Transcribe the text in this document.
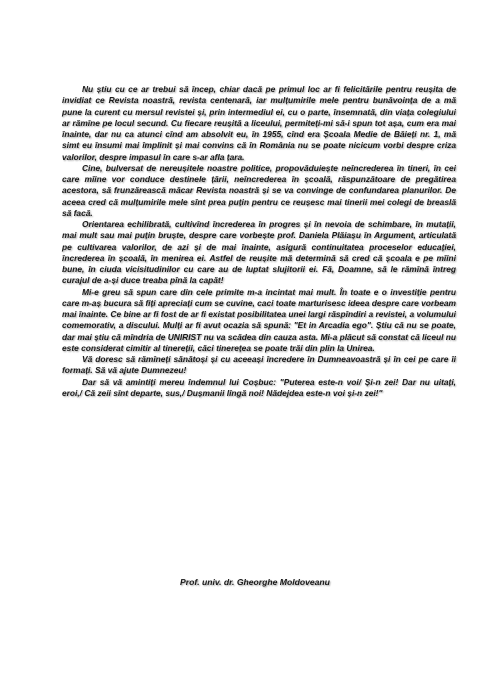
Nu știu cu ce ar trebui să încep, chiar dacă pe primul loc ar fi felicitările pentru reușita de invidiat ce Revista noastră, revista centenară, iar mulțumirile mele pentru bunăvoința de a mă pune la curent cu mersul revistei și, prin intermediul ei, cu o parte, însemnată, din viața colegiului ar rămîne pe locul secund. Cu fiecare reușită a liceului, permiteți-mi să-i spun tot așa, cum era mai înainte, dar nu ca atunci cînd am absolvit eu, în 1955, cînd era Școala Medie de Băieți nr. 1, mă simt eu însumi mai împlinit și mai convins că în România nu se poate nicicum vorbi despre criza valorilor, despre impasul în care s-ar afla țara.

Cine, bulversat de nereușitele noastre politice, propovăduiește neîncrederea în tineri, în cei care mîine vor conduce destinele țării, neîncrederea în școală, răspunzătoare de pregătirea acestora, să frunzărească măcar Revista noastră și se va convinge de confundarea planurilor. De aceea cred că mulțumirile mele sînt prea puțin pentru ce reușesc mai tinerii mei colegi de breaslă să facă.

Orientarea echilibrată, cultivînd încrederea în progres și în nevoia de schimbare, în mutații, mai mult sau mai puțin bruște, despre care vorbește prof. Daniela Plăiașu în Argument, articulată pe cultivarea valorilor, de azi și de mai înainte, asigură continuitatea proceselor educației, încrederea în școală, în menirea ei. Astfel de reușite mă determină să cred că școala e pe mîini bune, în ciuda vicisitudinilor cu care au de luptat slujitorii ei. Fă, Doamne, să le rămînă întreg curajul de a-și duce treaba pînă la capăt!

Mi-e greu să spun care din cele primite m-a incintat mai mult. În toate e o investiție pentru care m-aș bucura să fiți apreciați cum se cuvine, caci toate marturisesc ideea despre care vorbeam mai înainte. Ce bine ar fi fost de ar fi existat posibilitatea unei largi răspîndiri a revistei, a volumului comemorativ, a disculuі. Mulți ar fi avut ocazia să spună: "Et in Arcadia ego". Știu că nu se poate, dar mai știu că mîndria de UNIRIST nu va scădea din cauza asta. Mi-a plăcut să constat că liceul nu este considerat cimitir al tinereții, căci tinerețea se poate trăi din plin la Unirea.

Vă doresc să rămîneți sănătoși și cu aceeași încredere în Dumneavoastră și în cei pe care îi formați. Să vă ajute Dumnezeu!

Dar să vă amintiți mereu îndemnul lui Coșbuc: "Puterea este-n voi/ Și-n zei! Dar nu uitați, eroi,/ Că zeii sînt departe, sus,/ Dușmanii lîngă noi! Nădejdea este-n voi și-n zei!"

Prof. univ. dr. Gheorghe Moldoveanu
